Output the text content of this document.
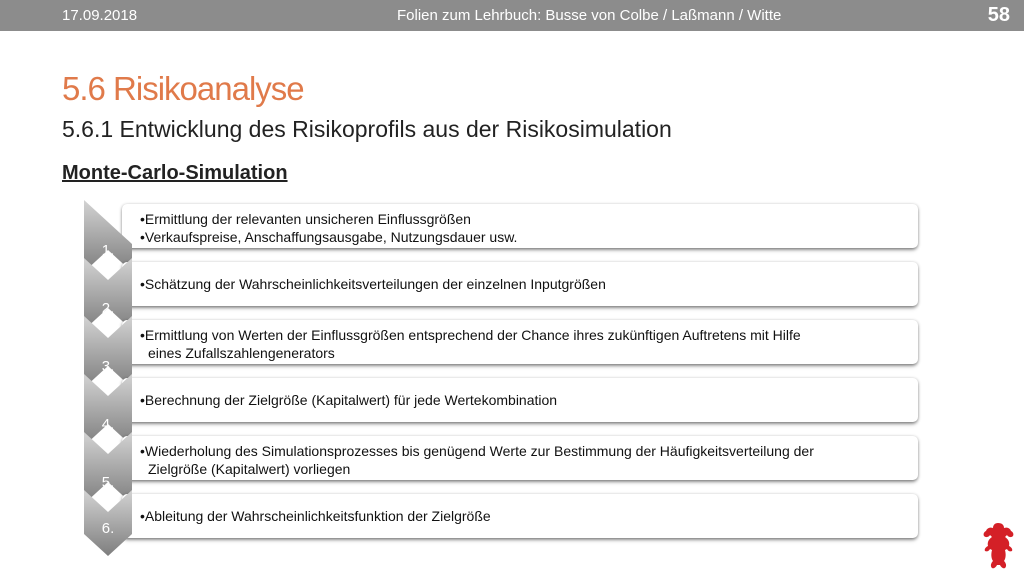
17.09.2018	Folien zum Lehrbuch: Busse von Colbe / Laßmann / Witte	58
5.6 Risikoanalyse
5.6.1 Entwicklung des Risikoprofils aus der Risikosimulation
Monte-Carlo-Simulation
•Ermittlung der relevanten unsicheren Einflussgrößen
•Verkaufspreise, Anschaffungsausgabe, Nutzungsdauer usw.
1.
•Schätzung der Wahrscheinlichkeitsverteilungen der einzelnen Inputgrößen
2.
•Ermittlung von Werten der Einflussgrößen entsprechend der Chance ihres zukünftigen Auftretens mit Hilfe
eines Zufallszahlengenerators
3.
•Berechnung der Zielgröße (Kapitalwert) für jede Wertekombination
4.
•Wiederholung des Simulationsprozesses bis genügend Werte zur Bestimmung der Häufigkeitsverteilung der
Zielgröße (Kapitalwert) vorliegen
5.
•Ableitung der Wahrscheinlichkeitsfunktion der Zielgröße
6.
